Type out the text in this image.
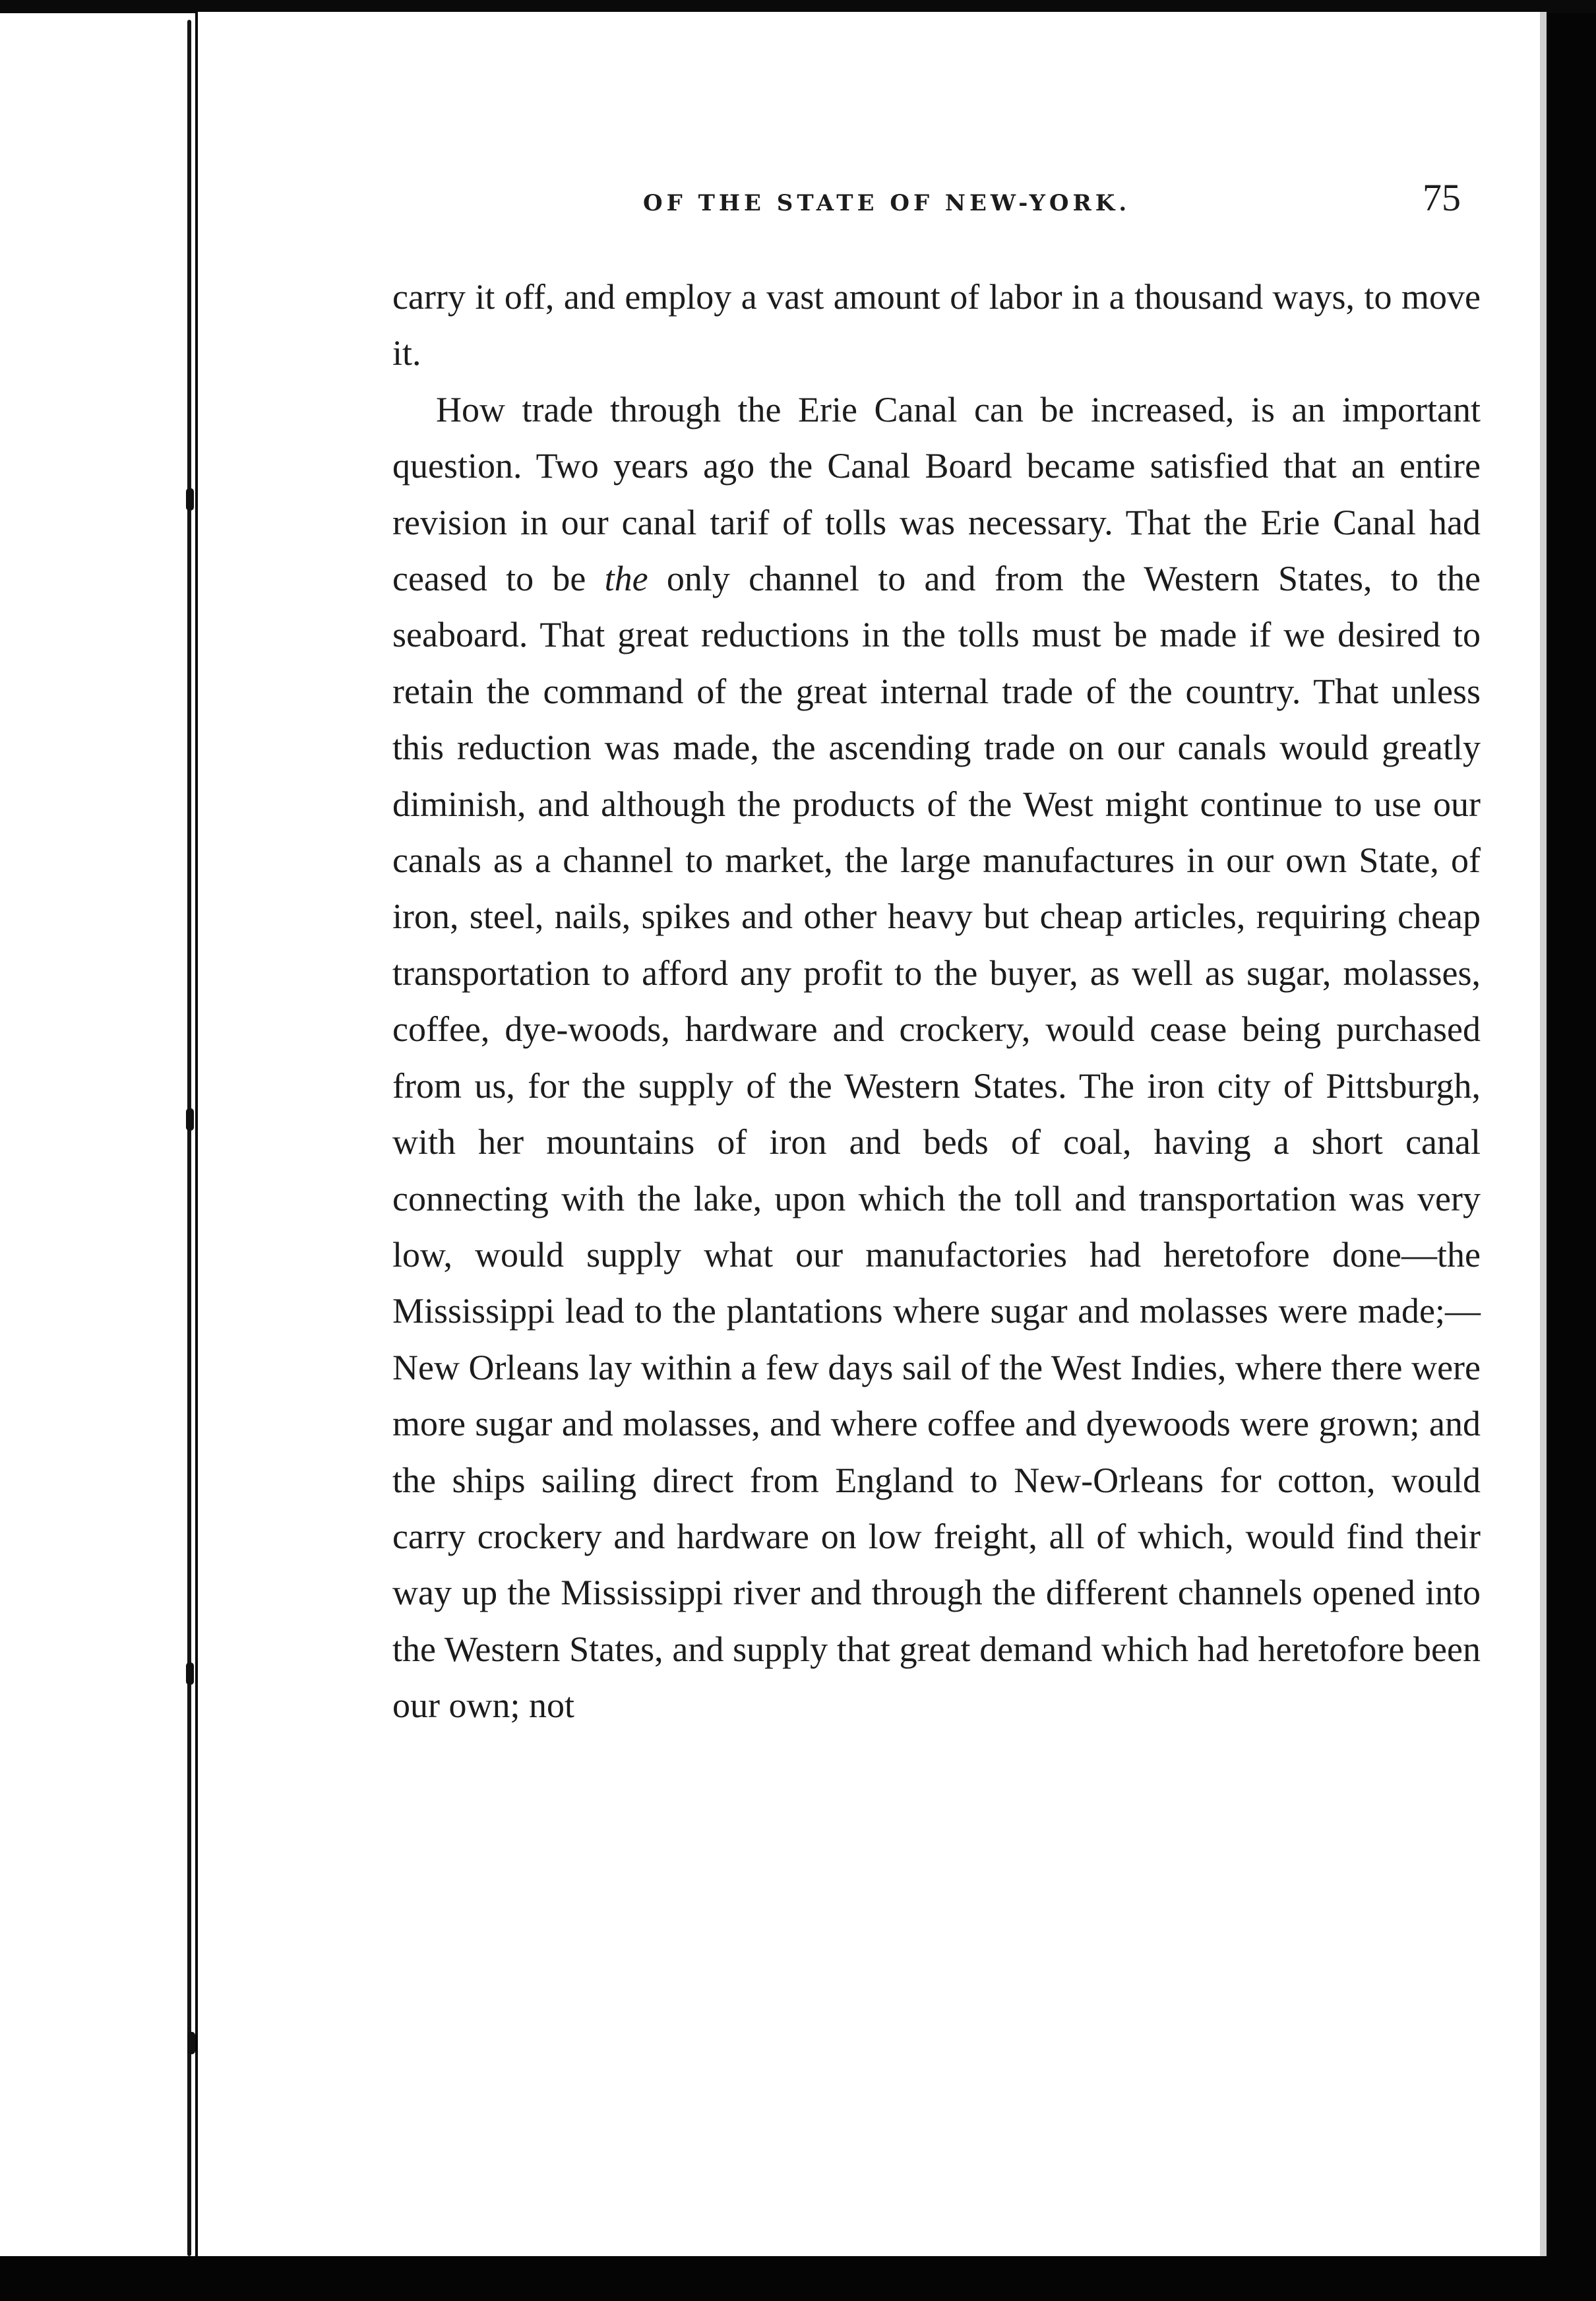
OF THE STATE OF NEW-YORK.	75

carry it off, and employ a vast amount of labor in a thousand ways, to move it.

How trade through the Erie Canal can be increased, is an important question. Two years ago the Canal Board became satisfied that an entire revision in our canal tarif of tolls was necessary. That the Erie Canal had ceased to be the only channel to and from the Western States, to the seaboard. That great reductions in the tolls must be made if we desired to retain the command of the great internal trade of the country. That unless this reduction was made, the ascending trade on our canals would greatly diminish, and although the products of the West might continue to use our canals as a channel to market, the large manufactures in our own State, of iron, steel, nails, spikes and other heavy but cheap articles, requiring cheap transportation to afford any profit to the buyer, as well as sugar, molasses, coffee, dye-woods, hardware and crockery, would cease being purchased from us, for the supply of the Western States. The iron city of Pittsburgh, with her mountains of iron and beds of coal, having a short canal connecting with the lake, upon which the toll and transportation was very low, would supply what our manufactories had heretofore done—the Mississippi lead to the plantations where sugar and molasses were made;—New Orleans lay within a few days sail of the West Indies, where there were more sugar and molasses, and where coffee and dyewoods were grown; and the ships sailing direct from England to New-Orleans for cotton, would carry crockery and hardware on low freight, all of which, would find their way up the Mississippi river and through the different channels opened into the Western States, and supply that great demand which had heretofore been our own; not
